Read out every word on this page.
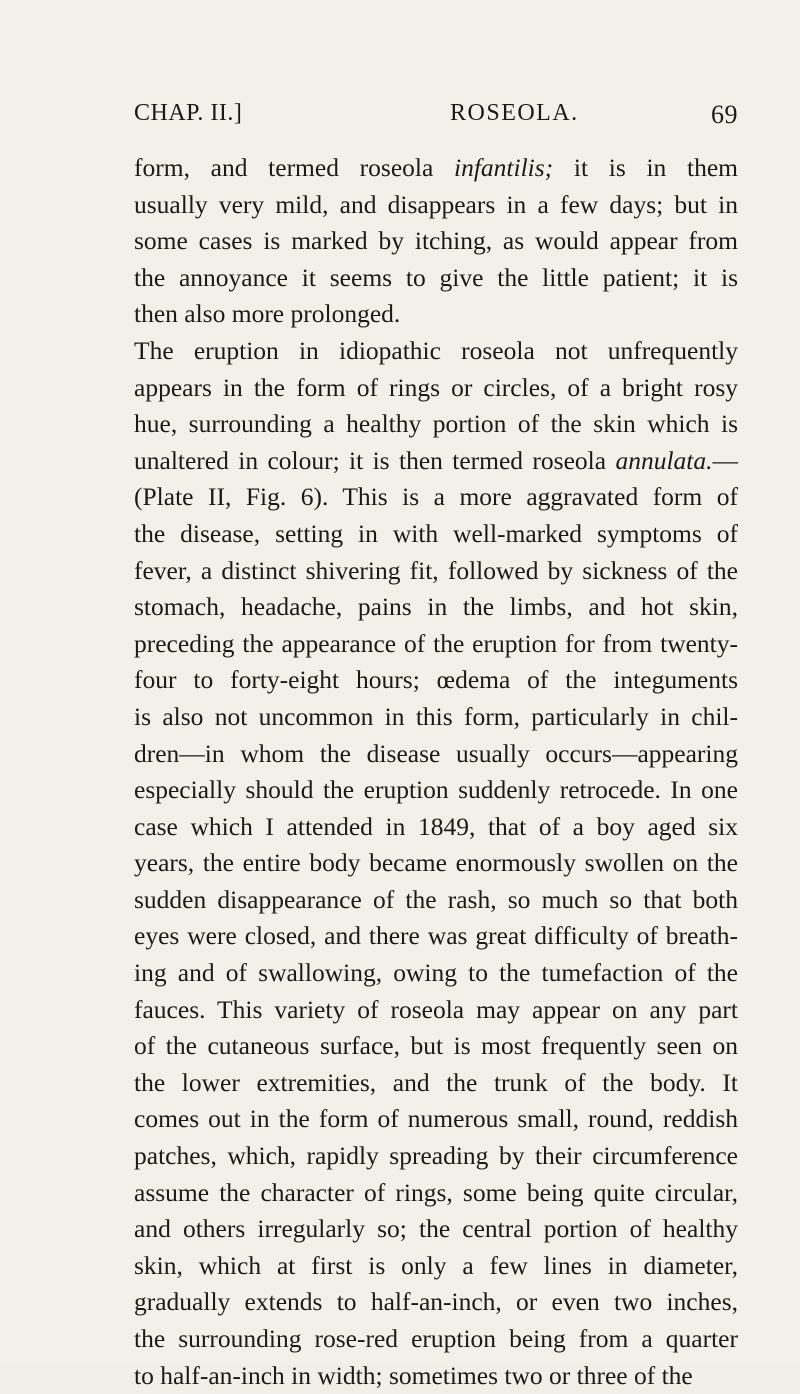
CHAP. II.]	ROSEOLA.	69
form, and termed roseola infantilis; it is in them
usually very mild, and disappears in a few days; but in
some cases is marked by itching, as would appear from
the annoyance it seems to give the little patient; it is
then also more prolonged.
The eruption in idiopathic roseola not unfrequently
appears in the form of rings or circles, of a bright rosy
hue, surrounding a healthy portion of the skin which is
unaltered in colour; it is then termed roseola annulata.—
(Plate II, Fig. 6). This is a more aggravated form of
the disease, setting in with well-marked symptoms of
fever, a distinct shivering fit, followed by sickness of the
stomach, headache, pains in the limbs, and hot skin,
preceding the appearance of the eruption for from twenty-
four to forty-eight hours; œdema of the integuments
is also not uncommon in this form, particularly in chil-
dren—in whom the disease usually occurs—appearing
especially should the eruption suddenly retrocede. In one
case which I attended in 1849, that of a boy aged six
years, the entire body became enormously swollen on the
sudden disappearance of the rash, so much so that both
eyes were closed, and there was great difficulty of breath-
ing and of swallowing, owing to the tumefaction of the
fauces. This variety of roseola may appear on any part
of the cutaneous surface, but is most frequently seen on
the lower extremities, and the trunk of the body. It
comes out in the form of numerous small, round, reddish
patches, which, rapidly spreading by their circumference
assume the character of rings, some being quite circular,
and others irregularly so; the central portion of healthy
skin, which at first is only a few lines in diameter,
gradually extends to half-an-inch, or even two inches,
the surrounding rose-red eruption being from a quarter
to half-an-inch in width; sometimes two or three of the
